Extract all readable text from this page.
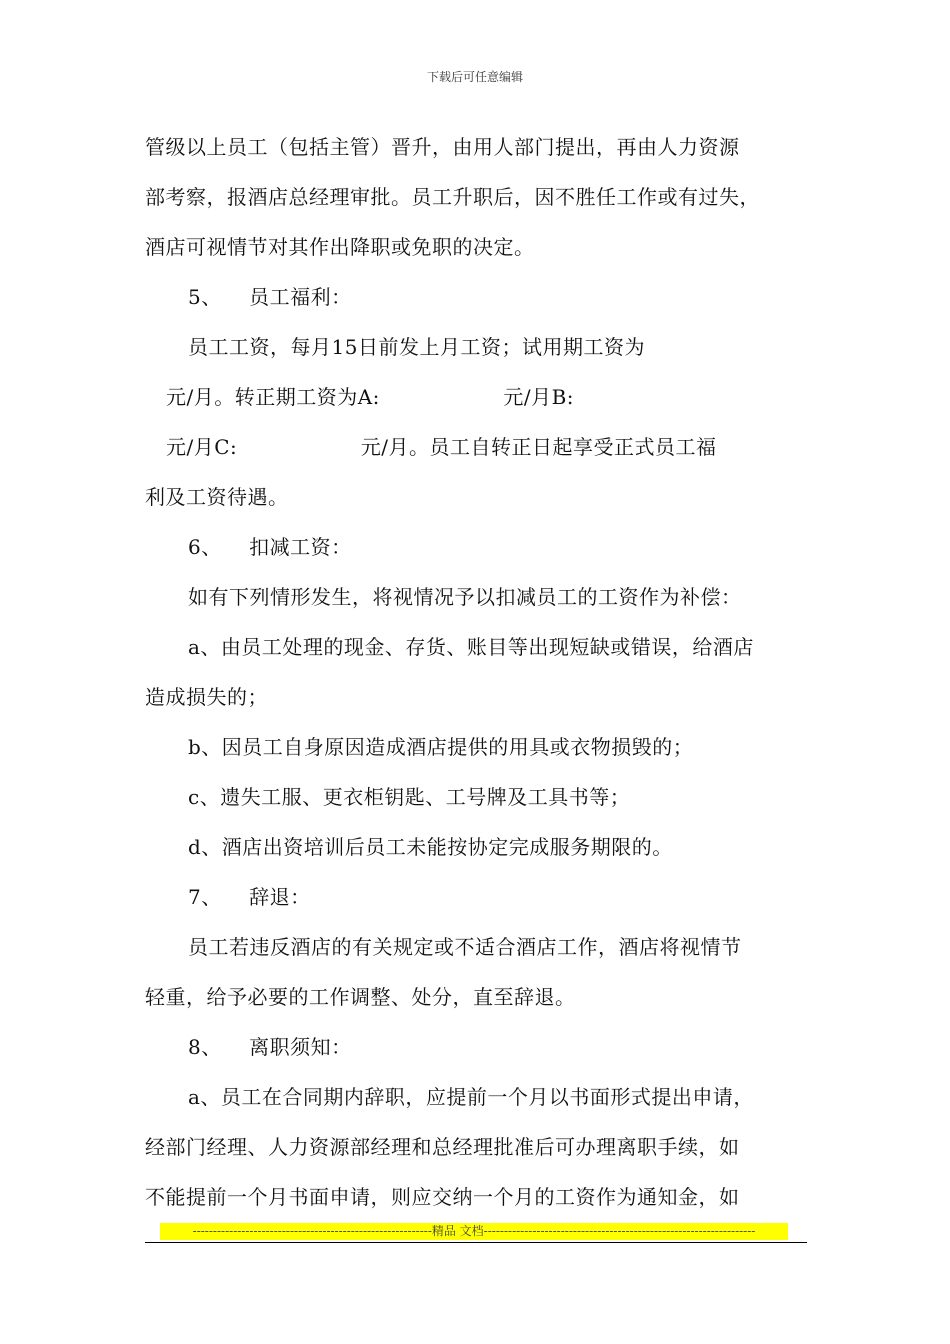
下载后可任意编辑
管级以上员工（包括主管）晋升，由用人部门提出，再由人力资源
部考察，报酒店总经理审批。员工升职后，因不胜任工作或有过失，
酒店可视情节对其作出降职或免职的决定。
5、    员工福利：
员工工资，每月15日前发上月工资；试用期工资为
元/月。转正期工资为A:                  元/月B:
元/月C:                  元/月。员工自转正日起享受正式员工福
利及工资待遇。
6、    扣减工资：
如有下列情形发生，将视情况予以扣减员工的工资作为补偿：
a、由员工处理的现金、存货、账目等出现短缺或错误，给酒店
造成损失的；
b、因员工自身原因造成酒店提供的用具或衣物损毁的；
c、遗失工服、更衣柜钥匙、工号牌及工具书等；
d、酒店出资培训后员工未能按协定完成服务期限的。
7、    辞退：
员工若违反酒店的有关规定或不适合酒店工作，酒店将视情节
轻重，给予必要的工作调整、处分，直至辞退。
8、    离职须知：
a、员工在合同期内辞职，应提前一个月以书面形式提出申请，
经部门经理、人力资源部经理和总经理批准后可办理离职手续，如
不能提前一个月书面申请，则应交纳一个月的工资作为通知金，如
-----------------------------------------------------------精品 文档-------------------------------------------------------------------
